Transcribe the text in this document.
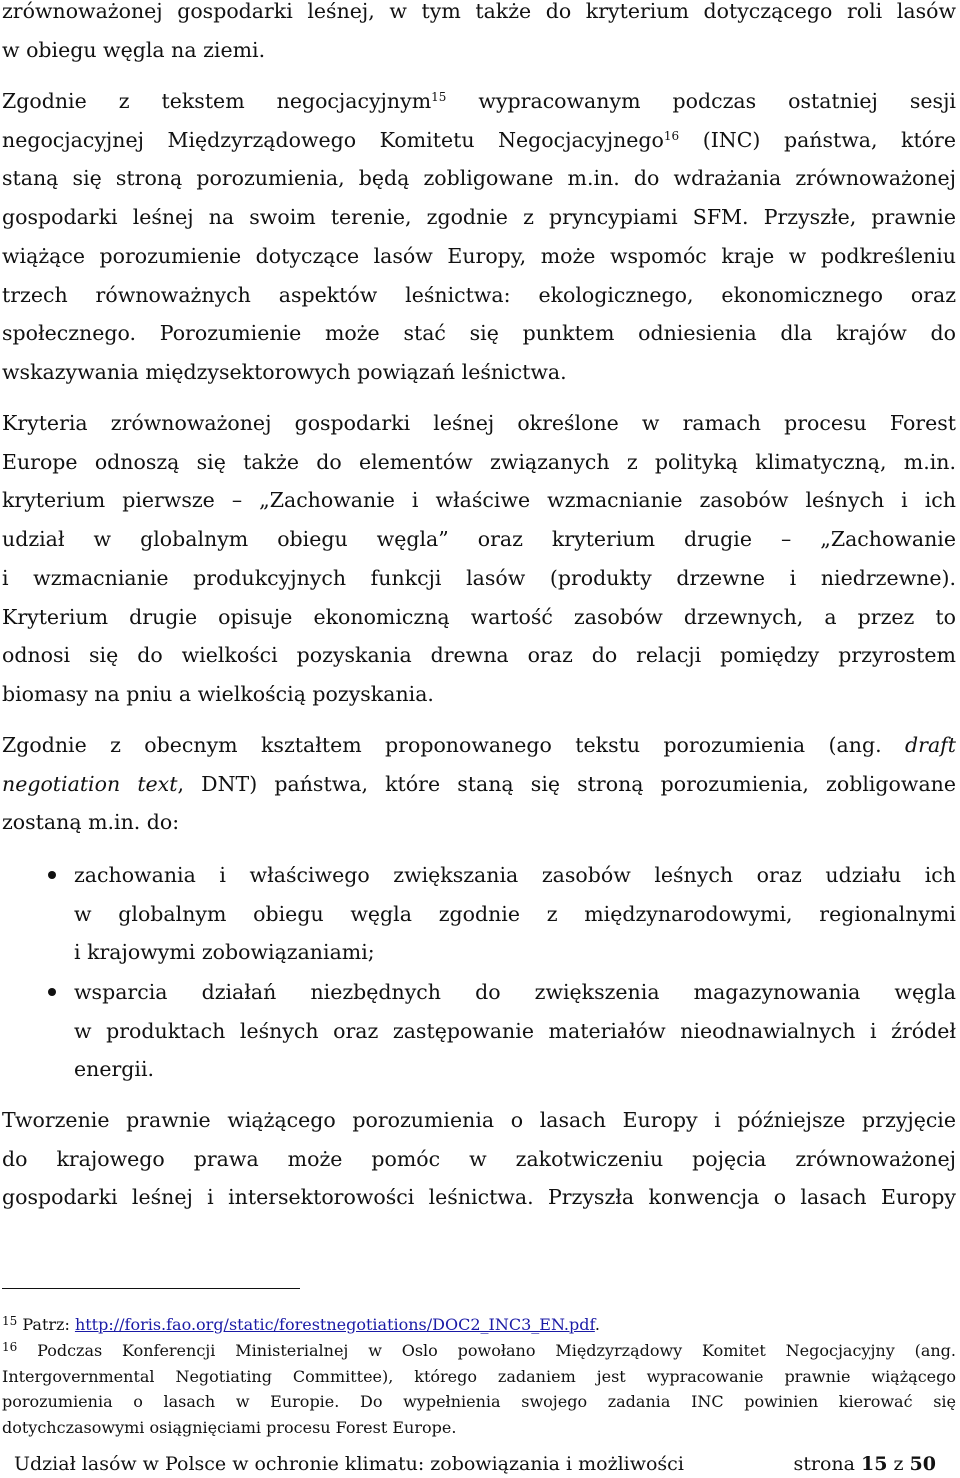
zrównoważonej gospodarki leśnej, w tym także do kryterium dotyczącego roli lasów
w obiegu węgla na ziemi.
Zgodnie z tekstem negocjacyjnym$^{15}$ wypracowanym podczas ostatniej sesji
negocjacyjnej Międzyrządowego Komitetu Negocjacyjnego$^{16}$ (INC) państwa, które
staną się stroną porozumienia, będą zobligowane m.in. do wdrażania zrównoważonej
gospodarki leśnej na swoim terenie, zgodnie z pryncypiami SFM. Przyszłe, prawnie
wiążące porozumienie dotyczące lasów Europy, może wspomóc kraje w podkreśleniu
trzech równoważnych aspektów leśnictwa: ekologicznego, ekonomicznego oraz
społecznego. Porozumienie może stać się punktem odniesienia dla krajów do
wskazywania międzysektorowych powiązań leśnictwa.
Kryteria zrównoważonej gospodarki leśnej określone w ramach procesu Forest
Europe odnoszą się także do elementów związanych z polityką klimatyczną, m.in.
kryterium pierwsze – „Zachowanie i właściwe wzmacnianie zasobów leśnych i ich
udział w globalnym obiegu węgla” oraz kryterium drugie – „Zachowanie
i wzmacnianie produkcyjnych funkcji lasów (produkty drzewne i niedrzewne).
Kryterium drugie opisuje ekonomiczną wartość zasobów drzewnych, a przez to
odnosi się do wielkości pozyskania drewna oraz do relacji pomiędzy przyrostem
biomasy na pniu a wielkością pozyskania.
Zgodnie z obecnym kształtem proponowanego tekstu porozumienia (ang. draft
negotiation text, DNT) państwa, które staną się stroną porozumienia, zobligowane
zostaną m.in. do:
zachowania i właściwego zwiększania zasobów leśnych oraz udziału ich
w globalnym obiegu węgla zgodnie z międzynarodowymi, regionalnymi
i krajowymi zobowiązaniami;
wsparcia działań niezbędnych do zwiększenia magazynowania węgla
w produktach leśnych oraz zastępowanie materiałów nieodnawialnych i źródeł
energii.
Tworzenie prawnie wiążącego porozumienia o lasach Europy i późniejsze przyjęcie
do krajowego prawa może pomóc w zakotwiczeniu pojęcia zrównoważonej
gospodarki leśnej i intersektorowości leśnictwa. Przyszła konwencja o lasach Europy
$^{15}$ Patrz: http://foris.fao.org/static/forestnegotiations/DOC2_INC3_EN.pdf.
$^{16}$ Podczas Konferencji Ministerialnej w Oslo powołano Międzyrządowy Komitet Negocjacyjny (ang.
Intergovernmental Negotiating Committee), którego zadaniem jest wypracowanie prawnie wiążącego
porozumienia o lasach w Europie. Do wypełnienia swojego zadania INC powinien kierować się
dotychczasowymi osiągnięciami procesu Forest Europe.
Udział lasów w Polsce w ochronie klimatu: zobowiązania i możliwości	strona 15 z 50
